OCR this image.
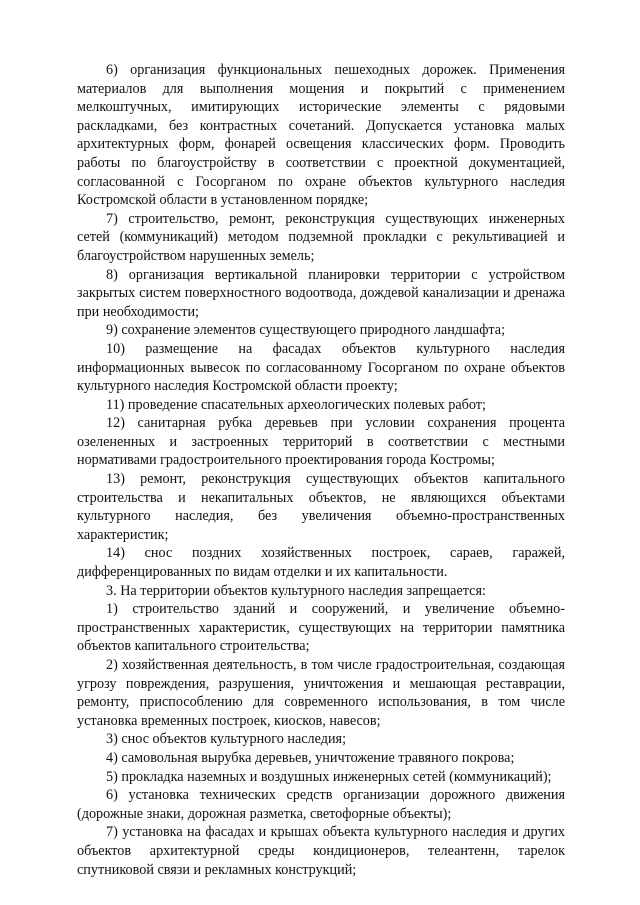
6) организация функциональных пешеходных дорожек. Применения материалов для выполнения мощения и покрытий с применением мелкоштучных, имитирующих исторические элементы с рядовыми раскладками, без контрастных сочетаний. Допускается установка малых архитектурных форм, фонарей освещения классических форм. Проводить работы по благоустройству в соответствии с проектной документацией, согласованной с Госорганом по охране объектов культурного наследия Костромской области в установленном порядке;

7) строительство, ремонт, реконструкция существующих инженерных сетей (коммуникаций) методом подземной прокладки с рекультивацией и благоустройством нарушенных земель;

8) организация вертикальной планировки территории с устройством закрытых систем поверхностного водоотвода, дождевой канализации и дренажа при необходимости;

9) сохранение элементов существующего природного ландшафта;

10) размещение на фасадах объектов культурного наследия информационных вывесок по согласованному Госорганом по охране объектов культурного наследия Костромской области проекту;

11) проведение спасательных археологических полевых работ;

12) санитарная рубка деревьев при условии сохранения процента озелененных и застроенных территорий в соответствии с местными нормативами градостроительного проектирования города Костромы;

13) ремонт, реконструкция существующих объектов капитального строительства и некапитальных объектов, не являющихся объектами культурного наследия, без увеличения объемно-пространственных характеристик;

14) снос поздних хозяйственных построек, сараев, гаражей, дифференцированных по видам отделки и их капитальности.

3. На территории объектов культурного наследия запрещается:

1) строительство зданий и сооружений, и увеличение объемно-пространственных характеристик, существующих на территории памятника объектов капитального строительства;

2) хозяйственная деятельность, в том числе градостроительная, создающая угрозу повреждения, разрушения, уничтожения и мешающая реставрации, ремонту, приспособлению для современного использования, в том числе установка временных построек, киосков, навесов;

3) снос объектов культурного наследия;

4) самовольная вырубка деревьев, уничтожение травяного покрова;

5) прокладка наземных и воздушных инженерных сетей (коммуникаций);

6) установка технических средств организации дорожного движения (дорожные знаки, дорожная разметка, светофорные объекты);

7) установка на фасадах и крышах объекта культурного наследия и других объектов архитектурной среды кондиционеров, телеантенн, тарелок спутниковой связи и рекламных конструкций;
